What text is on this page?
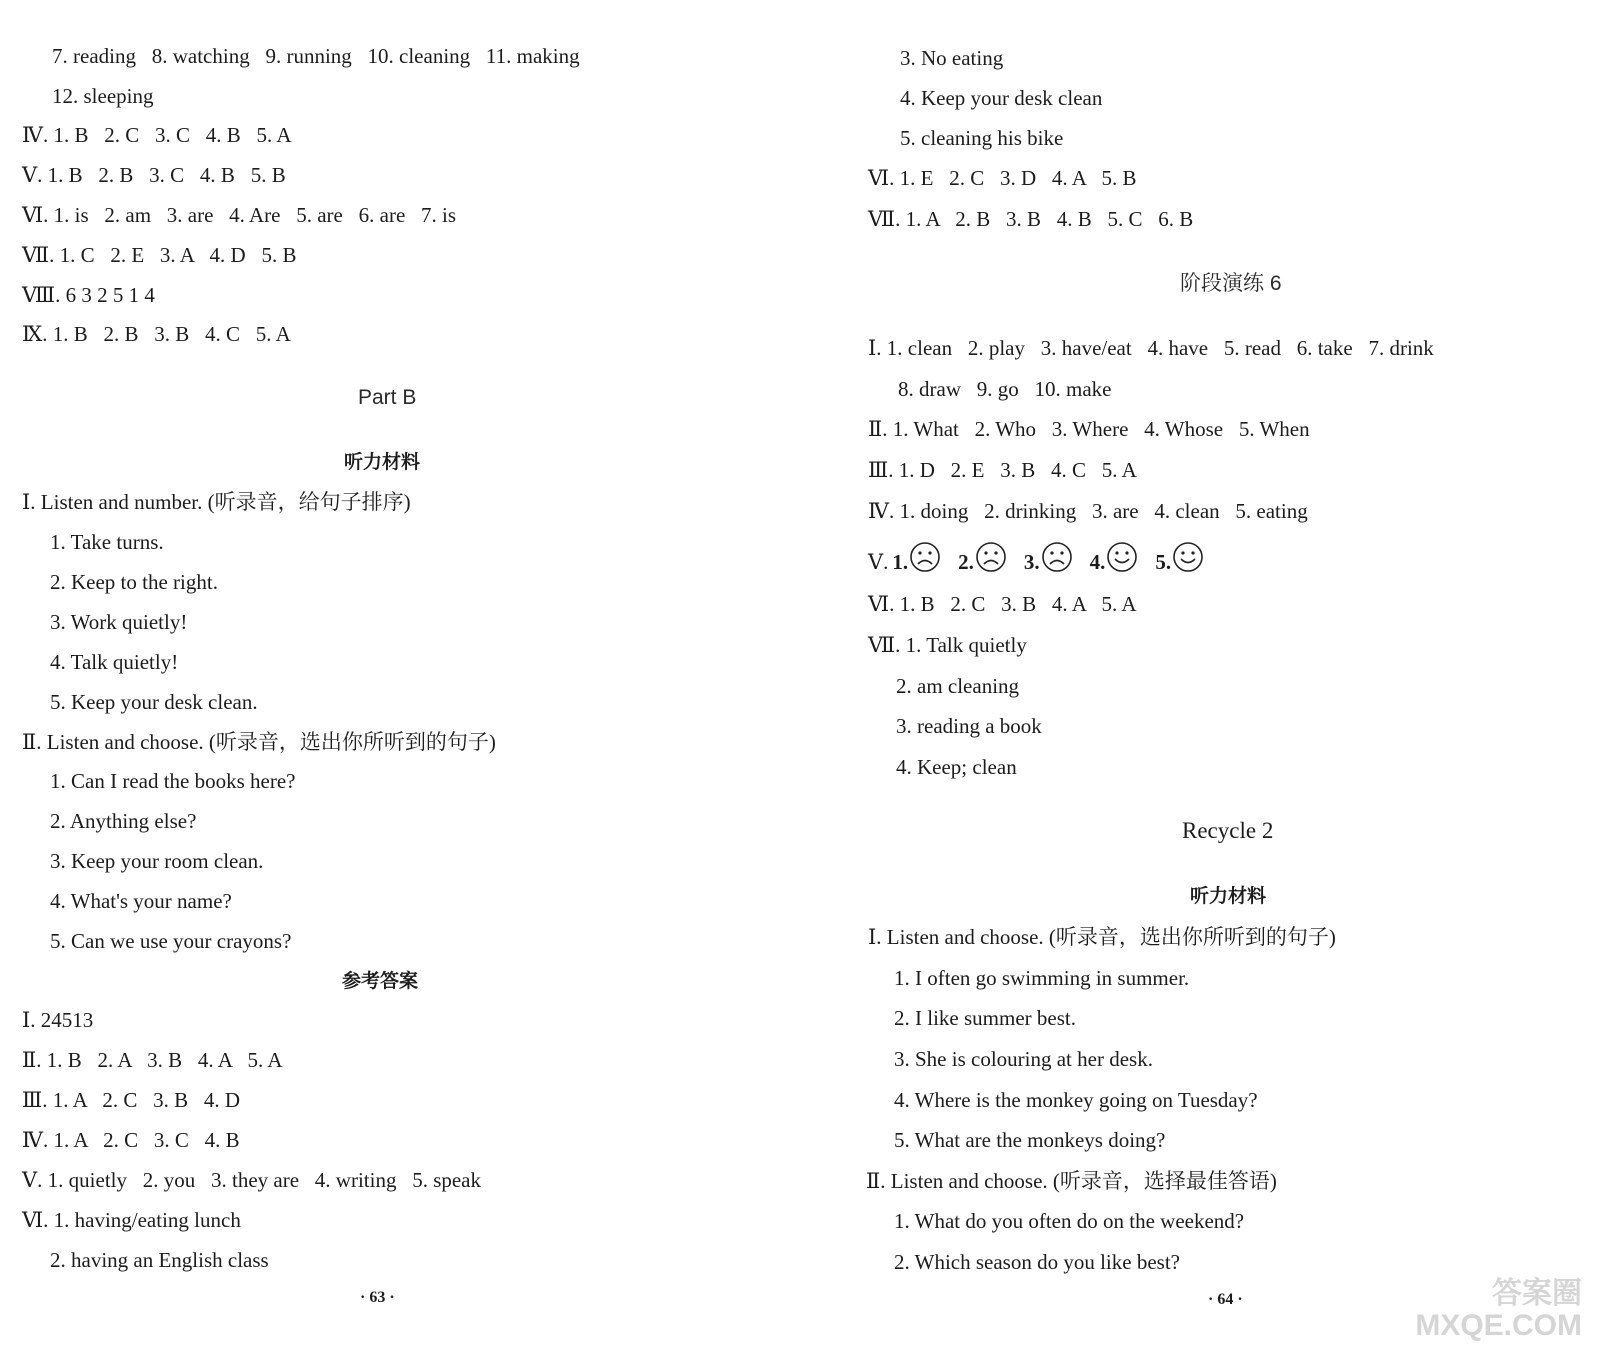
7. reading   8. watching   9. running   10. cleaning   11. making
12. sleeping
Ⅳ. 1. B   2. C   3. C   4. B   5. A
Ⅴ. 1. B   2. B   3. C   4. B   5. B
Ⅵ. 1. is   2. am   3. are   4. Are   5. are   6. are   7. is
Ⅶ. 1. C   2. E   3. A   4. D   5. B
Ⅷ. 6 3 2 5 1 4
Ⅸ. 1. B   2. B   3. B   4. C   5. A
Part B
听力材料
Ⅰ. Listen and number. (听录音，给句子排序)
1. Take turns.
2. Keep to the right.
3. Work quietly!
4. Talk quietly!
5. Keep your desk clean.
Ⅱ. Listen and choose. (听录音，选出你所听到的句子)
1. Can I read the books here?
2. Anything else?
3. Keep your room clean.
4. What's your name?
5. Can we use your crayons?
参考答案
Ⅰ. 24513
Ⅱ. 1. B   2. A   3. B   4. A   5. A
Ⅲ. 1. A   2. C   3. B   4. D
Ⅳ. 1. A   2. C   3. C   4. B
Ⅴ. 1. quietly   2. you   3. they are   4. writing   5. speak
Ⅵ. 1. having/eating lunch
2. having an English class
· 63 ·
3. No eating
4. Keep your desk clean
5. cleaning his bike
Ⅵ. 1. E   2. C   3. D   4. A   5. B
Ⅶ. 1. A   2. B   3. B   4. B   5. C   6. B
阶段演练 6
Ⅰ. 1. clean   2. play   3. have/eat   4. have   5. read   6. take   7. drink
8. draw   9. go   10. make
Ⅱ. 1. What   2. Who   3. Where   4. Whose   5. When
Ⅲ. 1. D   2. E   3. B   4. C   5. A
Ⅳ. 1. doing   2. drinking   3. are   4. clean   5. eating
Ⅴ. 1. 2. 3. 4. 5.
Ⅵ. 1. B   2. C   3. B   4. A   5. A
Ⅶ. 1. Talk quietly
2. am cleaning
3. reading a book
4. Keep; clean
Recycle 2
听力材料
Ⅰ. Listen and choose. (听录音，选出你所听到的句子)
1. I often go swimming in summer.
2. I like summer best.
3. She is colouring at her desk.
4. Where is the monkey going on Tuesday?
5. What are the monkeys doing?
Ⅱ. Listen and choose. (听录音，选择最佳答语)
1. What do you often do on the weekend?
2. Which season do you like best?
· 64 ·	答案圈
MXQE.COM
